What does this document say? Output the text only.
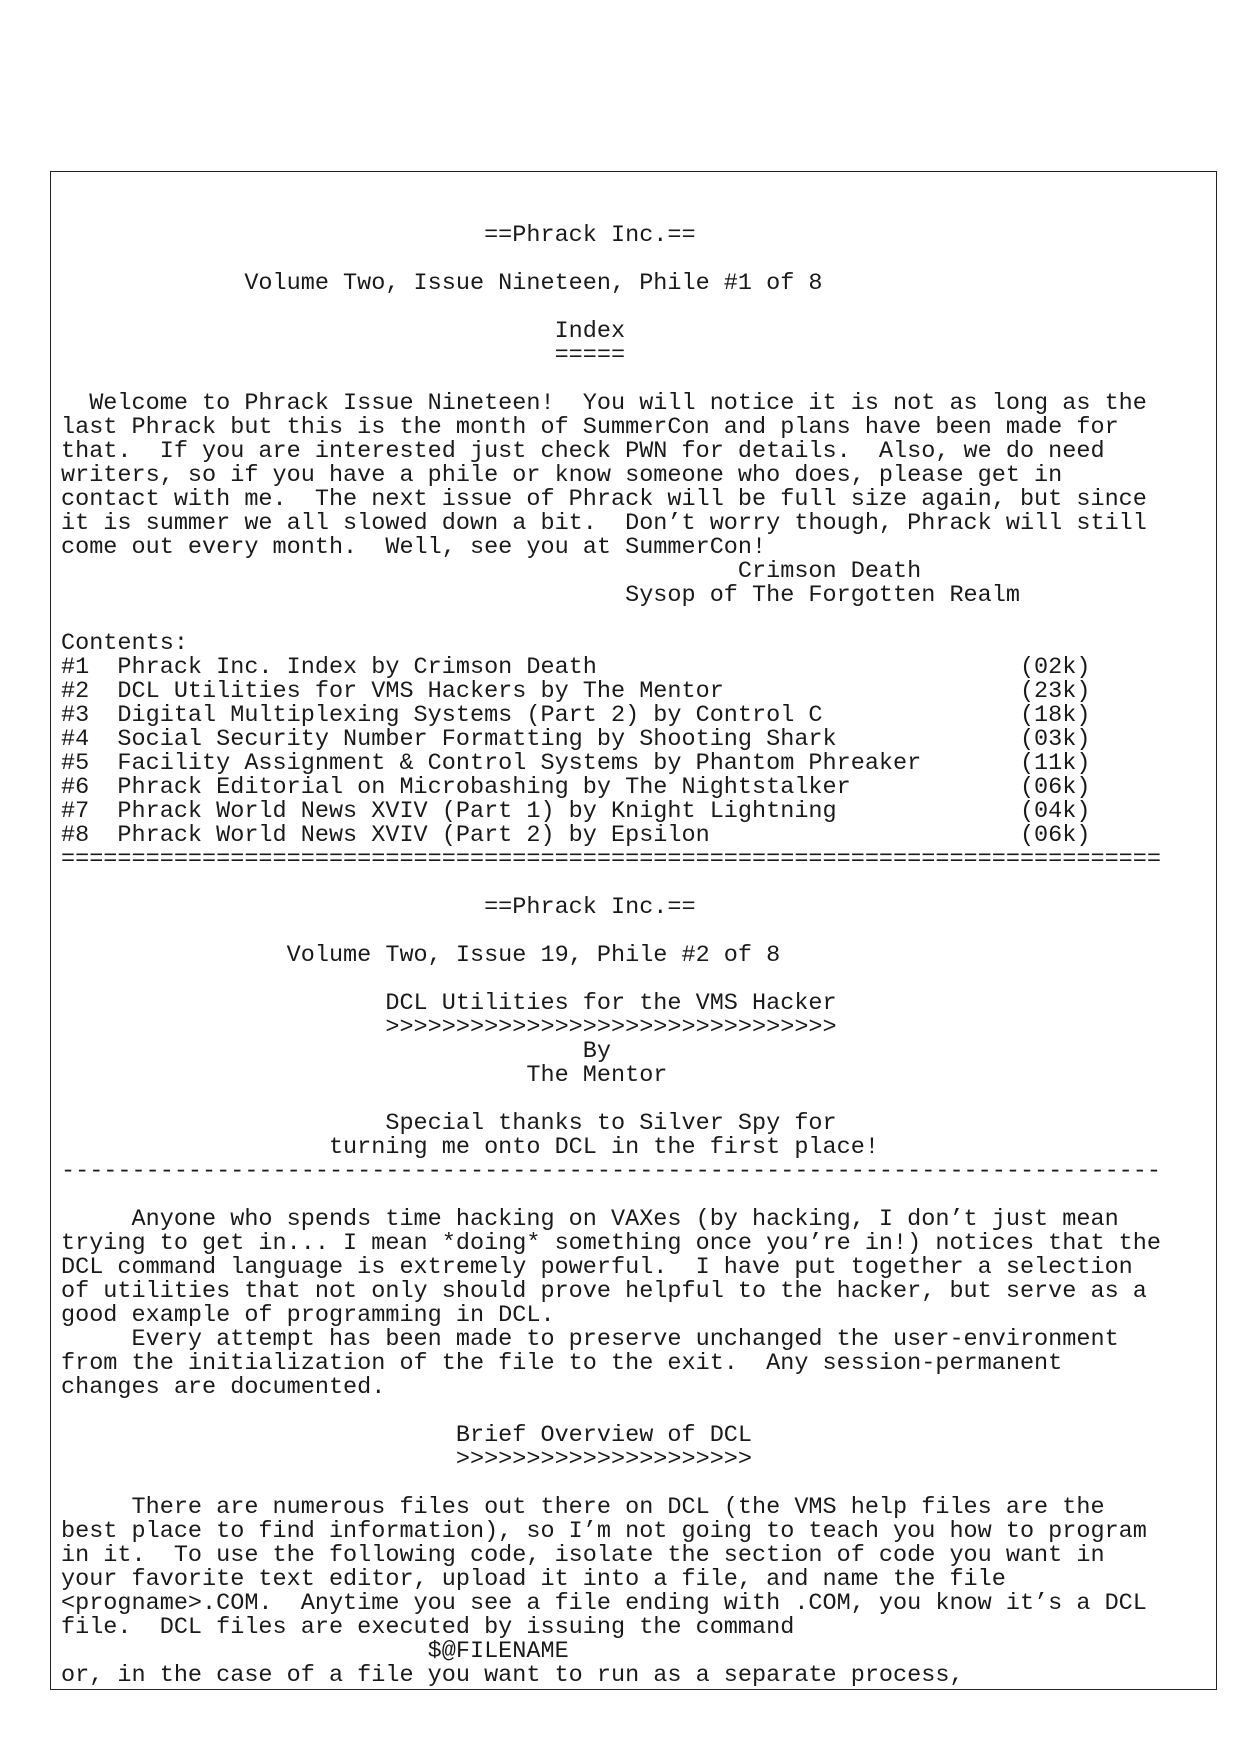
==Phrack Inc.==

Volume Two, Issue Nineteen, Phile #1 of 8

Index
=====

Welcome to Phrack Issue Nineteen!  You will notice it is not as long as the
last Phrack but this is the month of SummerCon and plans have been made for
that.  If you are interested just check PWN for details.  Also, we do need
writers, so if you have a phile or know someone who does, please get in
contact with me.  The next issue of Phrack will be full size again, but since
it is summer we all slowed down a bit.  Don’t worry though, Phrack will still
come out every month.  Well, see you at SummerCon!
Crimson Death
Sysop of The Forgotten Realm

Contents:
#1  Phrack Inc. Index by Crimson Death                              (02k)
#2  DCL Utilities for VMS Hackers by The Mentor                     (23k)
#3  Digital Multiplexing Systems (Part 2) by Control C              (18k)
#4  Social Security Number Formatting by Shooting Shark             (03k)
#5  Facility Assignment & Control Systems by Phantom Phreaker       (11k)
#6  Phrack Editorial on Microbashing by The Nightstalker            (06k)
#7  Phrack World News XVIV (Part 1) by Knight Lightning             (04k)
#8  Phrack World News XVIV (Part 2) by Epsilon                      (06k)
==============================================================================

==Phrack Inc.==

Volume Two, Issue 19, Phile #2 of 8

DCL Utilities for the VMS Hacker
>>>>>>>>>>>>>>>>>>>>>>>>>>>>>>>>
By
The Mentor

Special thanks to Silver Spy for
turning me onto DCL in the first place!
------------------------------------------------------------------------------

Anyone who spends time hacking on VAXes (by hacking, I don’t just mean
trying to get in... I mean *doing* something once you’re in!) notices that the
DCL command language is extremely powerful.  I have put together a selection
of utilities that not only should prove helpful to the hacker, but serve as a
good example of programming in DCL.
Every attempt has been made to preserve unchanged the user-environment
from the initialization of the file to the exit.  Any session-permanent
changes are documented.

Brief Overview of DCL
>>>>>>>>>>>>>>>>>>>>>

There are numerous files out there on DCL (the VMS help files are the
best place to find information), so I’m not going to teach you how to program
in it.  To use the following code, isolate the section of code you want in
your favorite text editor, upload it into a file, and name the file
<progname>.COM.  Anytime you see a file ending with .COM, you know it’s a DCL
file.  DCL files are executed by issuing the command
$@FILENAME
or, in the case of a file you want to run as a separate process,
